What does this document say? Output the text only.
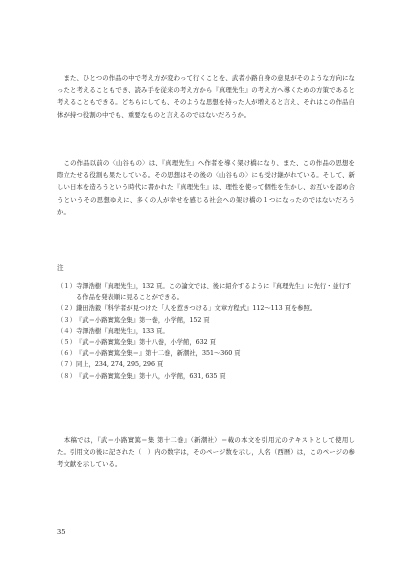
　また、ひとつの作品の中で考え方が変わって行くことを、武者小路自身の意見がそのような方向になったと考えることもでき、読み手を従来の考え方から『真理先生』の考え方へ導くための方策であると考えることもできる。どちらにしても、そのような思想を持った人が増えると言え、それはこの作品自体が持つ役割の中でも、重要なものと言えるのではないだろうか。

　この作品以前の〈山谷もの〉は、『真理先生』へ作者を導く架け橋になり、また、この作品の思想を際立たせる役割も果たしている。その思想はその後の〈山谷もの〉にも受け継がれている。そして、新しい日本を造ろうという時代に書かれた『真理先生』は、理性を使って個性を生かし、お互いを認め合うというその思想ゆえに、多くの人が幸せを感じる社会への架け橋の１つになったのではないだろうか。

注

（１） 寺澤浩樹『真理先生』，132 頁。この論文では、後に紹介するように『真理先生』に先行・並行する作品を発表順に見ることができる。
（２） 鎌田浩毅『科学者が見つけた「人を惹きつける」文章方程式』112～113 頁を参照。
（３） 『武＝小路實篤全集』第一巻，小学館，152 頁
（４） 寺澤浩樹『真理先生』，133 頁。
（５） 『武＝小路實篤全集』第十八巻，小学館，632 頁
（６） 『武＝小路實篤全集＝』第十二巻，新潮社，351～360 頁
（７） 同上，234, 274, 295, 296 頁
（８） 『武＝小路實篤全集』第十八，小学館，631, 635 頁

　本稿では，『武＝小路實篤＝集 第十二巻』（新潮社）＝載の本文を引用元のテキストとして使用した。引用文の後に記された（　）内の数字は，そのページ数を示し，人名（西暦）は，このページの参考文献を示している。

35
